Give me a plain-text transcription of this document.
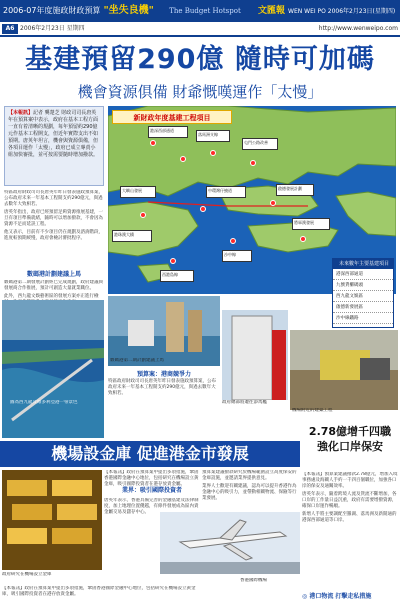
2006-07年度施政財政預算 "坐失良機"	The Budget Hotspot	文匯報 WEN WEI PO 2006年2月23日(星期四)
A6 2006年2月23日 星期四	http://www.wenweipo.com
基建預留290億 隨時可加碼
機會資源俱備 財爺慨嘆運作「太慢」
【本報訊】記者 龔楚芝 財政司司長唐英年在預算案中表示，政府在基本工程方面一直有着清晰的規劃，每年預留約290億元作基本工程開支，但近年實際支出不如預期。唐英年坦言，機會與資源俱備，但各項目運作「太慢」，政府已成立專責小組加快審批，並可按需要隨時增加撥款。
新財政年度基建工程項目
港深西部通道
落馬洲支線
屯門公路改善
大嶼山發展
港珠澳大橋
中環灣仔繞道	啟德發展計劃
沙中線
西港島線
將軍澳發展
未來數年主要基建項目
港深西部通道
九號貨櫃碼頭
西九龍文娛區
啟德新發展區
沙中線鐵路
特區政府財政司司長唐英年昨日發表施政預算案，公布政府未來一年基本工程開支約290億元，與過去數年大致相若。
唐英年指出，政府已經預留足夠資源推展基建，一旦有項目準備就緒，隨時可以增加撥款，不會因為資源不足而延誤工程。
他又表示，目前有不少項目仍在規劃及諮詢階段，進度較預期緩慢，政府會檢討審批程序。
數碼港計劃建議上馬
數碼港第二期發展計劃經已完成規劃，政府建議與發展商合作推展，預計可創造大量就業職位。
此外，西九龍文娛藝術區的發展方案亦正進行檢
圖為西九龍及維多利亞港一帶景色
數碼港第二期計劃建議上馬
政府總部將遷往添馬艦
機場附近的建築工程
預算案：港商競爭力
特區政府財政司司長唐英年昨日發表施政預算案，公布政府未來一年基本工程開支約290億元，與過去數年大致相若。
機場設金庫 促進港金市發展
2.78億增千四職
強化口岸保安
政府研究在機場設立金庫
【本報訊】政府在預算案中提出多項措施，鞏固香港國際金融中心地位，包括研究在機場設立黃金庫，吸引國際投資者在港存放貴金屬。
業界：吸引國際投資者
唐英年表示，香港具備完善的金融基建及法律制度，加上地理位置優越，有條件發展成為區內貴金屬交易及儲存中心。
預算案建議撥款研究於機場範圍設立高度保安的金庫設施，並邀請業界提供意見。
業界人士歡迎有關建議，認為可以提升香港作為金融中心的吸引力，並帶動相關物流、保險等行業發展。
香港國際機場
【本報訊】預算案建議撥款2.78億元，增加入境事務處及海關人手約一千四百個職位，加強各口岸的保安及通關效率。
唐英年表示，隨着跨境人流及貨流不斷增加，各口岸的工作量日益沉重，政府有需要增撥資源，確保口岸運作暢順。
新增人手將主要調配至羅湖、落馬洲及新開通的港深西部通道等口岸。
◎ 港口物流 打擊走私措施
【本報訊】政府在預算案中提出多項措施，鞏固香港國際金融中心地位，包括研究在機場設立黃金庫，吸引國際投資者在港存放貴金屬。
